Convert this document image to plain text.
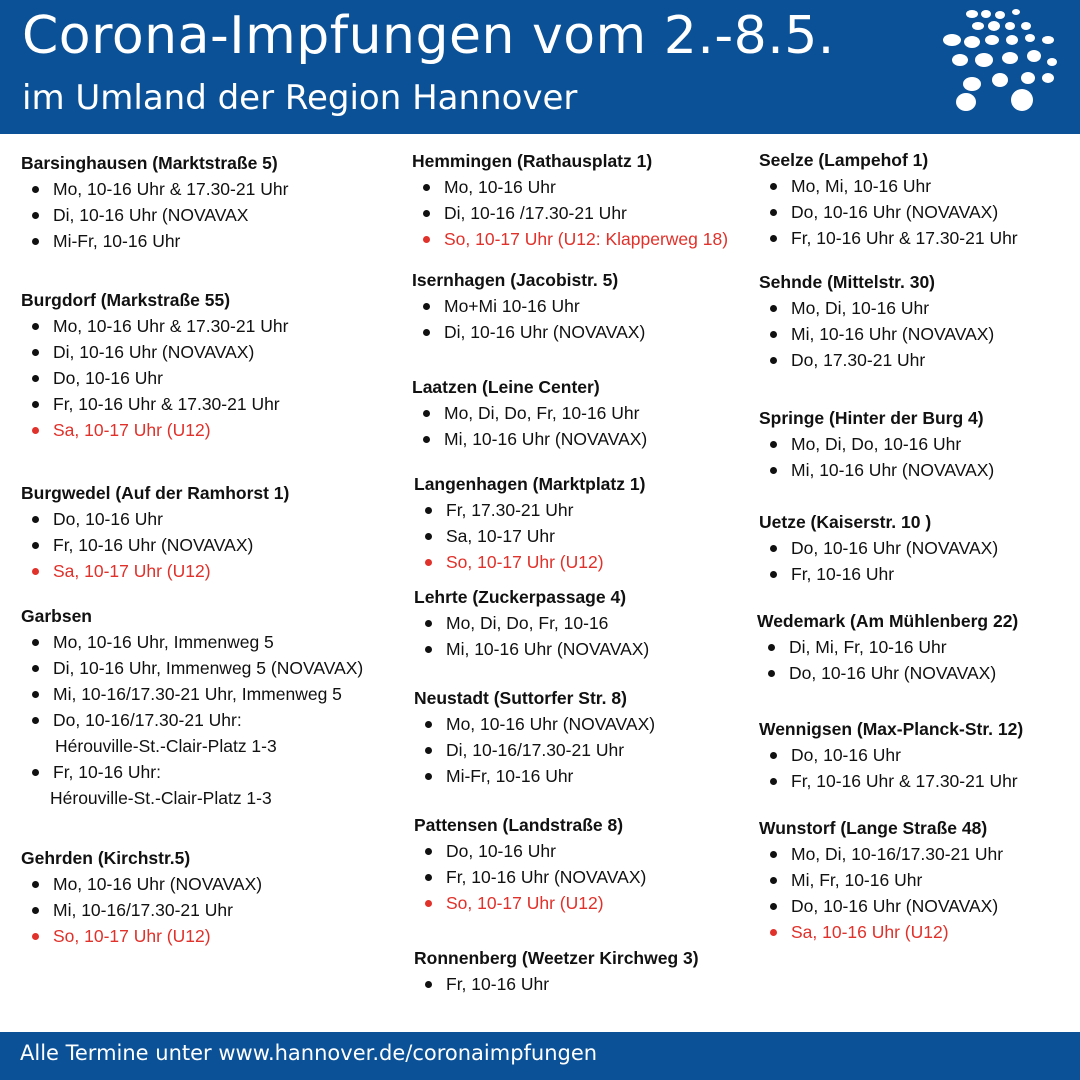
Corona-Impfungen vom 2.-8.5.
im Umland der Region Hannover
Barsinghausen (Marktstraße 5)
Mo, 10-16 Uhr & 17.30-21 Uhr
Di, 10-16 Uhr (NOVAVAX
Mi-Fr, 10-16 Uhr
Burgdorf (Markstraße 55)
Mo, 10-16 Uhr & 17.30-21 Uhr
Di, 10-16 Uhr (NOVAVAX)
Do, 10-16 Uhr
Fr, 10-16 Uhr & 17.30-21 Uhr
Sa, 10-17 Uhr (U12)
Burgwedel (Auf der Ramhorst 1)
Do, 10-16 Uhr
Fr, 10-16 Uhr (NOVAVAX)
Sa, 10-17 Uhr (U12)
Garbsen
Mo, 10-16 Uhr, Immenweg 5
Di, 10-16 Uhr, Immenweg 5 (NOVAVAX)
Mi, 10-16/17.30-21 Uhr, Immenweg 5
Do, 10-16/17.30-21 Uhr:
Hérouville-St.-Clair-Platz 1-3
Fr, 10-16 Uhr:
Hérouville-St.-Clair-Platz 1-3
Gehrden (Kirchstr.5)
Mo, 10-16 Uhr (NOVAVAX)
Mi, 10-16/17.30-21 Uhr
So, 10-17 Uhr (U12)
Hemmingen (Rathausplatz 1)
Mo, 10-16 Uhr
Di, 10-16 /17.30-21 Uhr
So, 10-17 Uhr (U12: Klapperweg 18)
Isernhagen (Jacobistr. 5)
Mo+Mi 10-16 Uhr
Di, 10-16 Uhr (NOVAVAX)
Laatzen (Leine Center)
Mo, Di, Do, Fr, 10-16 Uhr
Mi, 10-16 Uhr (NOVAVAX)
Langenhagen (Marktplatz 1)
Fr, 17.30-21 Uhr
Sa, 10-17 Uhr
So, 10-17 Uhr (U12)
Lehrte (Zuckerpassage 4)
Mo, Di, Do, Fr, 10-16
Mi, 10-16 Uhr (NOVAVAX)
Neustadt (Suttorfer Str. 8)
Mo, 10-16 Uhr (NOVAVAX)
Di, 10-16/17.30-21 Uhr
Mi-Fr, 10-16 Uhr
Pattensen (Landstraße 8)
Do, 10-16 Uhr
Fr, 10-16 Uhr (NOVAVAX)
So, 10-17 Uhr (U12)
Ronnenberg (Weetzer Kirchweg 3)
Fr, 10-16 Uhr
Seelze (Lampehof 1)
Mo, Mi, 10-16 Uhr
Do, 10-16 Uhr (NOVAVAX)
Fr, 10-16 Uhr & 17.30-21 Uhr
Sehnde (Mittelstr. 30)
Mo, Di, 10-16 Uhr
Mi, 10-16 Uhr (NOVAVAX)
Do, 17.30-21 Uhr
Springe (Hinter der Burg 4)
Mo, Di, Do, 10-16 Uhr
Mi, 10-16 Uhr (NOVAVAX)
Uetze (Kaiserstr. 10 )
Do, 10-16 Uhr (NOVAVAX)
Fr, 10-16 Uhr
Wedemark (Am Mühlenberg 22)
Di, Mi, Fr, 10-16 Uhr
Do, 10-16 Uhr (NOVAVAX)
Wennigsen (Max-Planck-Str. 12)
Do, 10-16 Uhr
Fr, 10-16 Uhr & 17.30-21 Uhr
Wunstorf (Lange Straße 48)
Mo, Di, 10-16/17.30-21 Uhr
Mi, Fr, 10-16 Uhr
Do, 10-16 Uhr (NOVAVAX)
Sa, 10-16 Uhr (U12)
Alle Termine unter www.hannover.de/coronaimpfungen
